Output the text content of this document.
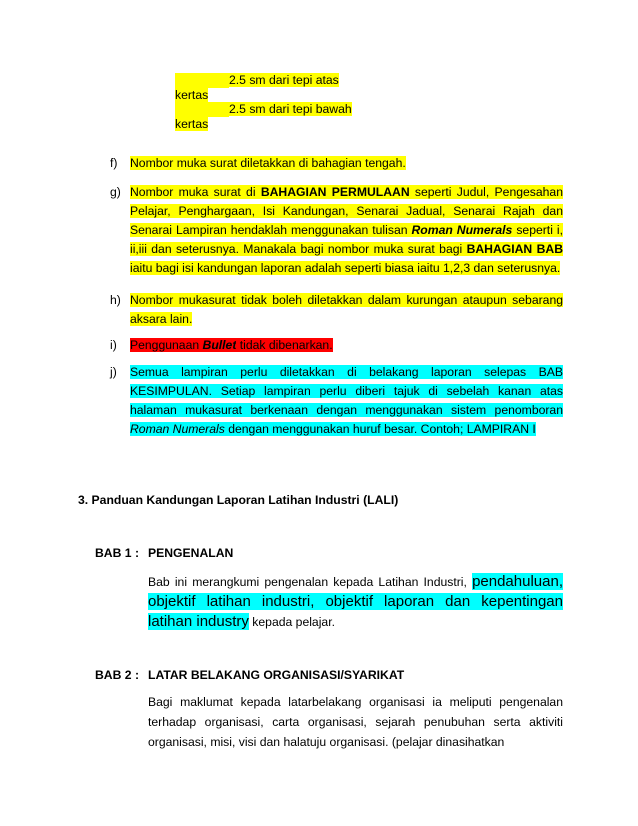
2.5 sm dari tepi atas kertas
2.5 sm dari tepi bawah kertas
f) Nombor muka surat diletakkan di bahagian tengah.
g) Nombor muka surat di BAHAGIAN PERMULAAN seperti Judul, Pengesahan Pelajar, Penghargaan, Isi Kandungan, Senarai Jadual, Senarai Rajah dan Senarai Lampiran hendaklah menggunakan tulisan Roman Numerals seperti i, ii,iii dan seterusnya. Manakala bagi nombor muka surat bagi BAHAGIAN BAB iaitu bagi isi kandungan laporan adalah seperti biasa iaitu 1,2,3 dan seterusnya.
h) Nombor mukasurat tidak boleh diletakkan dalam kurungan ataupun sebarang aksara lain.
i) Penggunaan Bullet tidak dibenarkan.
j) Semua lampiran perlu diletakkan di belakang laporan selepas BAB KESIMPULAN. Setiap lampiran perlu diberi tajuk di sebelah kanan atas halaman mukasurat berkenaan dengan menggunakan sistem penomboran Roman Numerals dengan menggunakan huruf besar. Contoh; LAMPIRAN I
3. Panduan Kandungan Laporan Latihan Industri (LALI)
BAB 1 : PENGENALAN
Bab ini merangkumi pengenalan kepada Latihan Industri, pendahuluan, objektif latihan industri, objektif laporan dan kepentingan latihan industry kepada pelajar.
BAB 2 : LATAR BELAKANG ORGANISASI/SYARIKAT
Bagi maklumat kepada latarbelakang organisasi ia meliputi pengenalan terhadap organisasi, carta organisasi, sejarah penubuhan serta aktiviti organisasi, misi, visi dan halatuju organisasi. (pelajar dinasihatkan
